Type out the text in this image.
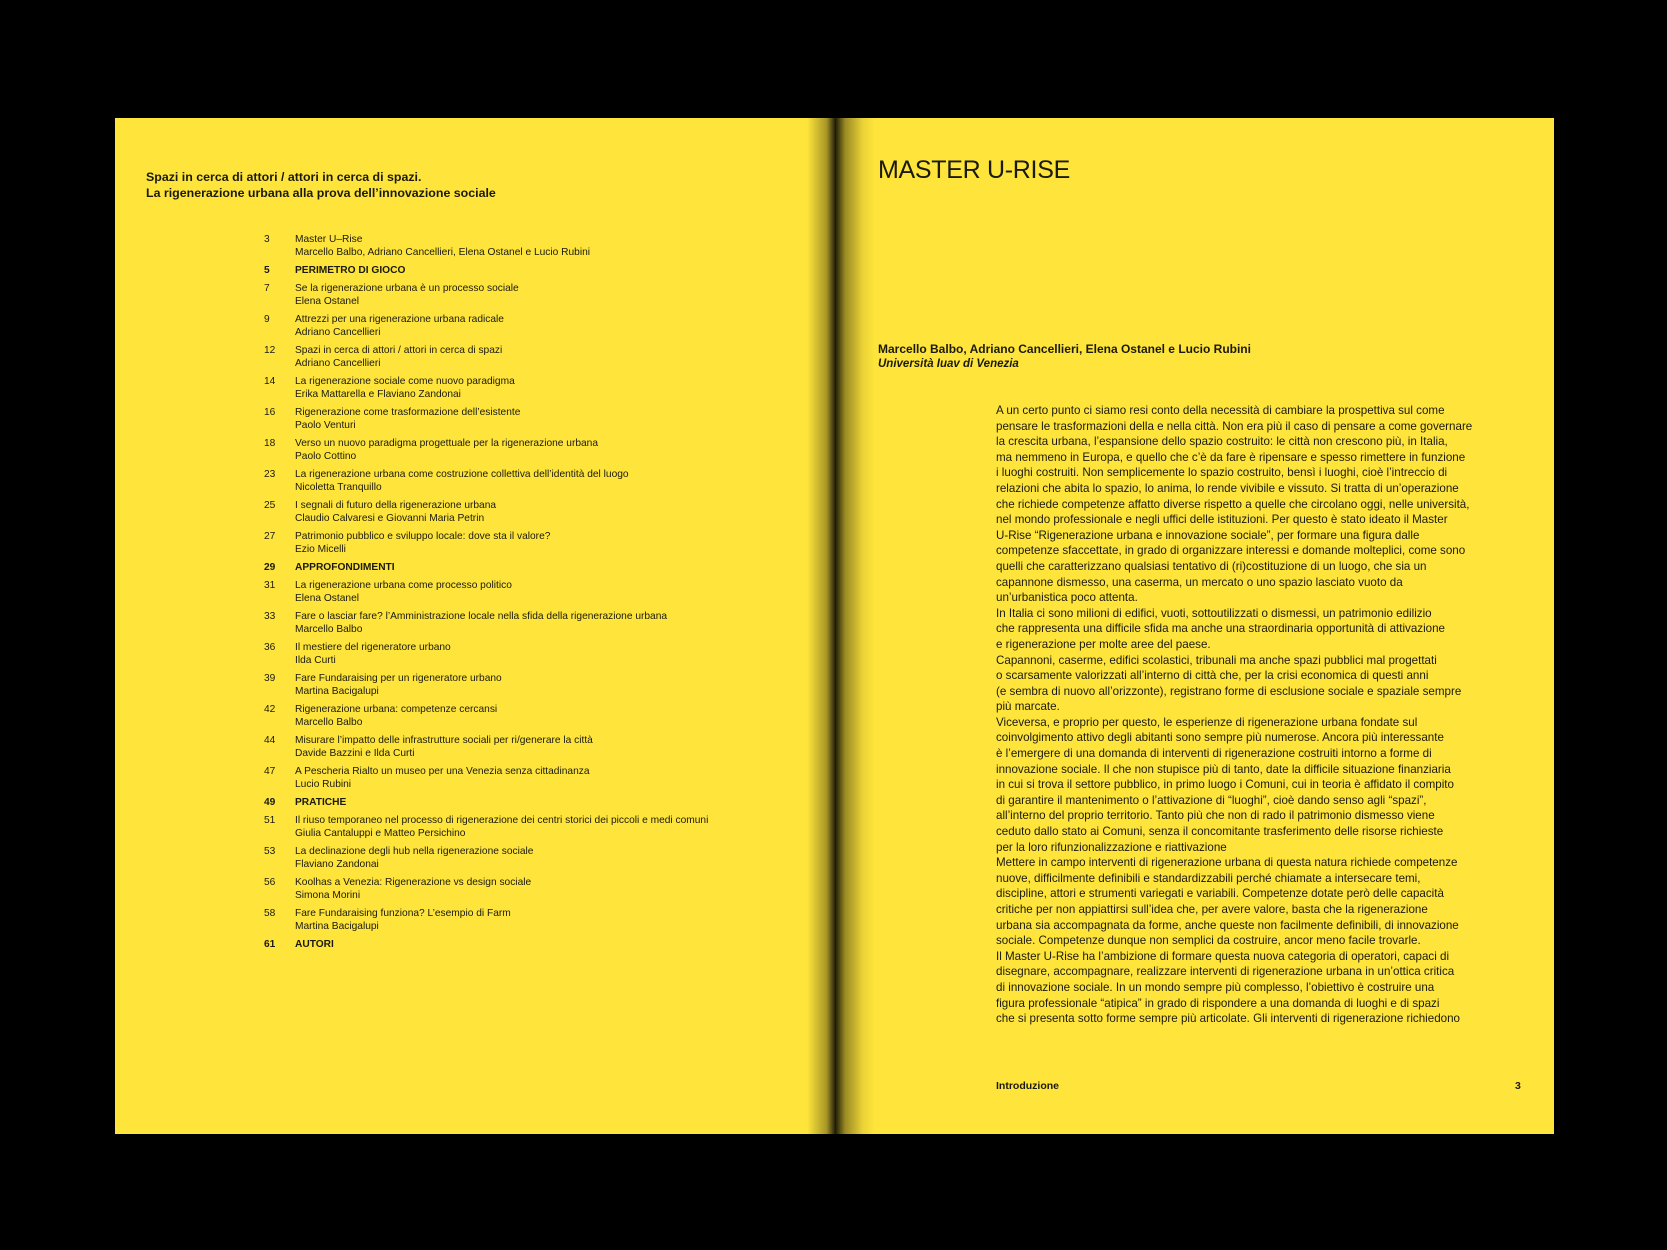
Spazi in cerca di attori / attori in cerca di spazi.
La rigenerazione urbana alla prova dell’innovazione sociale
3	Master U–Rise
Marcello Balbo, Adriano Cancellieri, Elena Ostanel e Lucio Rubini
5	PERIMETRO DI GIOCO
7	Se la rigenerazione urbana è un processo sociale
Elena Ostanel
9	Attrezzi per una rigenerazione urbana radicale
Adriano Cancellieri
12	Spazi in cerca di attori / attori in cerca di spazi
Adriano Cancellieri
14	La rigenerazione sociale come nuovo paradigma
Erika Mattarella e Flaviano Zandonai
16	Rigenerazione come trasformazione dell’esistente
Paolo Venturi
18	Verso un nuovo paradigma progettuale per la rigenerazione urbana
Paolo Cottino
23	La rigenerazione urbana come costruzione collettiva dell’identità del luogo
Nicoletta Tranquillo
25	I segnali di futuro della rigenerazione urbana
Claudio Calvaresi e Giovanni Maria Petrin
27	Patrimonio pubblico e sviluppo locale: dove sta il valore?
Ezio Micelli
29	APPROFONDIMENTI
31	La rigenerazione urbana come processo politico
Elena Ostanel
33	Fare o lasciar fare? l’Amministrazione locale nella sfida della rigenerazione urbana
Marcello Balbo
36	Il mestiere del rigeneratore urbano
Ilda Curti
39	Fare Fundaraising per un rigeneratore urbano
Martina Bacigalupi
42	Rigenerazione urbana: competenze cercansi
Marcello Balbo
44	Misurare l’impatto delle infrastrutture sociali per ri/generare la città
Davide Bazzini e Ilda Curti
47	A Pescheria Rialto un museo per una Venezia senza cittadinanza
Lucio Rubini
49	PRATICHE
51	Il riuso temporaneo nel processo di rigenerazione dei centri storici dei piccoli e medi comuni
Giulia Cantaluppi e Matteo Persichino
53	La declinazione degli hub nella rigenerazione sociale
Flaviano Zandonai
56	Koolhas a Venezia: Rigenerazione vs design sociale
Simona Morini
58	Fare Fundaraising funziona? L’esempio di Farm
Martina Bacigalupi
61	AUTORI
MASTER U-RISE
Marcello Balbo, Adriano Cancellieri, Elena Ostanel e Lucio Rubini
Università Iuav di Venezia
A un certo punto ci siamo resi conto della necessità di cambiare la prospettiva sul come
pensare le trasformazioni della e nella città. Non era più il caso di pensare a come governare
la crescita urbana, l’espansione dello spazio costruito: le città non crescono più, in Italia,
ma nemmeno in Europa, e quello che c’è da fare è ripensare e spesso rimettere in funzione
i luoghi costruiti. Non semplicemente lo spazio costruito, bensì i luoghi, cioè l’intreccio di
relazioni che abita lo spazio, lo anima, lo rende vivibile e vissuto. Si tratta di un’operazione
che richiede competenze affatto diverse rispetto a quelle che circolano oggi, nelle università,
nel mondo professionale e negli uffici delle istituzioni. Per questo è stato ideato il Master
U-Rise “Rigenerazione urbana e innovazione sociale”, per formare una figura dalle
competenze sfaccettate, in grado di organizzare interessi e domande molteplici, come sono
quelli che caratterizzano qualsiasi tentativo di (ri)costituzione di un luogo, che sia un
capannone dismesso, una caserma, un mercato o uno spazio lasciato vuoto da
un’urbanistica poco attenta.
In Italia ci sono milioni di edifici, vuoti, sottoutilizzati o dismessi, un patrimonio edilizio
che rappresenta una difficile sfida ma anche una straordinaria opportunità di attivazione
e rigenerazione per molte aree del paese.
Capannoni, caserme, edifici scolastici, tribunali ma anche spazi pubblici mal progettati
o scarsamente valorizzati all’interno di città che, per la crisi economica di questi anni
(e sembra di nuovo all’orizzonte), registrano forme di esclusione sociale e spaziale sempre
più marcate.
Viceversa, e proprio per questo, le esperienze di rigenerazione urbana fondate sul
coinvolgimento attivo degli abitanti sono sempre più numerose. Ancora più interessante
è l’emergere di una domanda di interventi di rigenerazione costruiti intorno a forme di
innovazione sociale. Il che non stupisce più di tanto, date la difficile situazione finanziaria
in cui si trova il settore pubblico, in primo luogo i Comuni, cui in teoria è affidato il compito
di garantire il mantenimento o l’attivazione di “luoghi”, cioè dando senso agli “spazi”,
all’interno del proprio territorio. Tanto più che non di rado il patrimonio dismesso viene
ceduto dallo stato ai Comuni, senza il concomitante trasferimento delle risorse richieste
per la loro rifunzionalizzazione e riattivazione
Mettere in campo interventi di rigenerazione urbana di questa natura richiede competenze
nuove, difficilmente definibili e standardizzabili perché chiamate a intersecare temi,
discipline, attori e strumenti variegati e variabili. Competenze dotate però delle capacità
critiche per non appiattirsi sull’idea che, per avere valore, basta che la rigenerazione
urbana sia accompagnata da forme, anche queste non facilmente definibili, di innovazione
sociale. Competenze dunque non semplici da costruire, ancor meno facile trovarle.
Il Master U-Rise ha l’ambizione di formare questa nuova categoria di operatori, capaci di
disegnare, accompagnare, realizzare interventi di rigenerazione urbana in un’ottica critica
di innovazione sociale. In un mondo sempre più complesso, l’obiettivo è costruire una
figura professionale “atipica” in grado di rispondere a una domanda di luoghi e di spazi
che si presenta sotto forme sempre più articolate. Gli interventi di rigenerazione richiedono
Introduzione	3
